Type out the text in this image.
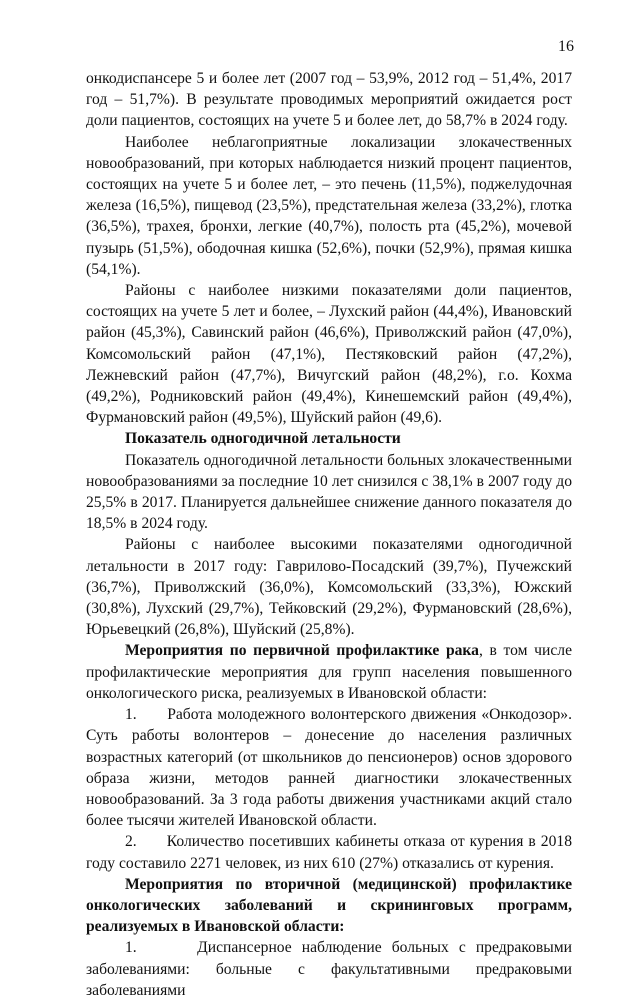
16

онкодиспансере 5 и более лет (2007 год – 53,9%, 2012 год – 51,4%, 2017 год – 51,7%). В результате проводимых мероприятий ожидается рост доли пациентов, состоящих на учете 5 и более лет, до 58,7% в 2024 году.

Наиболее неблагоприятные локализации злокачественных новообразований, при которых наблюдается низкий процент пациентов, состоящих на учете 5 и более лет, – это печень (11,5%), поджелудочная железа (16,5%), пищевод (23,5%), предстательная железа (33,2%), глотка (36,5%), трахея, бронхи, легкие (40,7%), полость рта (45,2%), мочевой пузырь (51,5%), ободочная кишка (52,6%), почки (52,9%), прямая кишка (54,1%).

Районы с наиболее низкими показателями доли пациентов, состоящих на учете 5 лет и более, – Лухский район (44,4%), Ивановский район (45,3%), Савинский район (46,6%), Приволжский район (47,0%), Комсомольский район (47,1%), Пестяковский район (47,2%), Лежневский район (47,7%), Вичугский район (48,2%), г.о. Кохма (49,2%), Родниковский район (49,4%), Кинешемский район (49,4%), Фурмановский район (49,5%), Шуйский район (49,6).

Показатель одногодичной летальности

Показатель одногодичной летальности больных злокачественными новообразованиями за последние 10 лет снизился с 38,1% в 2007 году до 25,5% в 2017. Планируется дальнейшее снижение данного показателя до 18,5% в 2024 году.

Районы с наиболее высокими показателями одногодичной летальности в 2017 году: Гаврилово-Посадский (39,7%), Пучежский (36,7%), Приволжский (36,0%), Комсомольский (33,3%), Южский (30,8%), Лухский (29,7%), Тейковский (29,2%), Фурмановский (28,6%), Юрьевецкий (26,8%), Шуйский (25,8%).

Мероприятия по первичной профилактике рака, в том числе профилактические мероприятия для групп населения повышенного онкологического риска, реализуемых в Ивановской области:

1.      Работа молодежного волонтерского движения «Онкодозор». Суть работы волонтеров – донесение до населения различных возрастных категорий (от школьников до пенсионеров) основ здорового образа жизни, методов ранней диагностики злокачественных новообразований. За 3 года работы движения участниками акций стало более тысячи жителей Ивановской области.

2.      Количество посетивших кабинеты отказа от курения в 2018 году составило 2271 человек, из них 610 (27%) отказались от курения.

Мероприятия по вторичной (медицинской) профилактике онкологических заболеваний и скрининговых программ, реализуемых в Ивановской области:

1.      Диспансерное наблюдение больных с предраковыми заболеваниями: больные с факультативными предраковыми заболеваниями
